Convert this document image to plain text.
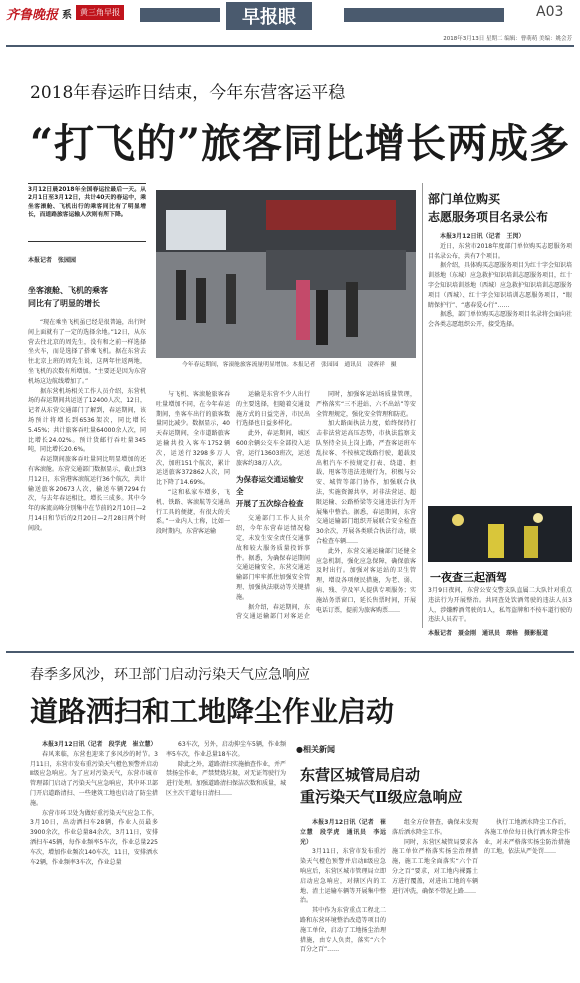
齐鲁晚报 系	黄三角早报	早报眼	A03
2018年3月13日 星期二 编辑：曹萌萌 美编：姚会芳
2018年春运昨日结束，今年东营客运平稳
“打飞的”旅客同比增长两成多
3月12日晨2018年全国春运拉最后一天。从2月1日至3月12日，共计40天的春运中，乘坐客滚舱、飞机出行的乘客同比有了明显增长，而道路旅客运输人次则有所下降。
本报记者　张园园
坐客滚舱、飞机的乘客
同比有了明显的增长

“现在乘坐飞机虽已经是很普遍，出行时间上面就有了一定的选择余地。”12日，从东营去往北京的周先生，没有和之前一样选择坐火车，而是选择了搭乘飞机。据在东营去往北京上班的周先生说，这两年往返两地，坐飞机的次数有所增加。“主要还是因为东营机场这边航线增加了。”

据东营机场相关工作人员介绍，东营机场的春运期间共运送了12400人次，12日，记者从东营交通部门了解到，春运期间，该场预计将增长到6536架次，同比增长5.45%；共计旅客吞吐量64000余人次，同比增长24.02%。预计货邮行吞吐量345吨，同比增长20.6%。

春运期间旅客吞吐量同比明显增加的还有客滚舱。东营交通部门数据显示，截止到3月12日，东营港客滚航运行36个航次，共计输送旅客20673人次，输送车辆7294台次，与去年春运相比，增长三成多。其中今年的客流高峰分别集中在节前的2月10日—2月14日和节后的2月20日—2月28日两个时间段。

今年春运期间，客滚舱旅客流量明显增加。本报记者　张园园　通讯员　凌赛祥　摄

与飞机、客滚舱旅客吞吐量增加不同，在今年春运期间，坐客车出行的旅客数量同比减少。数据显示，40天春运期间，全市道路旅客运输共投入客车1752辆次，运送行3298多万人次，加班151个航次，累计运送旅客372862人次，同比下降了14.69%。

“这和私家车增多，飞机、铁路、客滚航等交通出行工具的便捷，有很大的关系。”一业内人士称，比如一段时期内，东营客运输

运输是东营不少人出行的主要选择，但随着交通设施方式的日益完善，市民出行选择也日益多样化。

此外，春运期间，城区600余辆公交车全部投入运营，运行13603班次，运送旅客约38万人次。

为保春运交通运输安全
开展了五次综合检查

交通部门工作人员介绍，今年东营春运情况稳定，未发生安全责任交通事故和较大服务质量投诉事件。据悉，为确保春运期间交通运输安全，东营交通运输部门牢牢抓住加强安全管理、加强执法联动等关键措施。

据介绍，春运期间，东营交通运输部门对客运企

同时，加强客运站场质量管理，严格落实“三不进站、六不出站”等安全管理规定，强化安全管理和防范。

加大路面执法力度，始终保持打击非法营运高压态势，市执法监察支队坚持全员上岗上路，严查客运班车乱拉客、不按核定线路行驶，超载及出租汽车不按规定打表、绕道、拒载、甩客等违法违规行为，积极与公安、城管等部门协作，加强联合执法，实施资源共享，对非法营运、超限运输、公路桥梁等交通违法行为开展集中整治。据悉，春运期间，东营交通运输部门组织开展联合安全检查30余次，开展各类联合执法行动，联合检查车辆……

此外，东营交通运输部门还健全应急机制，强化应急保障，确保旅客及时出行。加强对客运站的卫生管理，增设各项便民措施，为老、弱、病、残、孕及军人提供专项服务；实施站务票窗口，延长售票时间，开展电话订票，提前为旅客购票……

部门单位购买
志愿服务项目名录公布

本报3月12日讯（记者　王闵）

近日，东营市2018年度部门单位购买志愿服务项目名录公布，共有7个项目。

据介绍，具体购买志愿服务项目为红十字会知识培训基地（东城）应急救护知识培训志愿服务项目，红十字会知识培训基地（西城）应急救护知识培训志愿服务项目（西城）、红十字会知识培训志愿服务项目，“眼睛保护行”、“惠春爱心行”……

据悉，部门单位购买志愿服务项目名录将会面向社会各类志愿组织公开，接受选择。

一夜查三起酒驾
3月9日夜间，东营公安交警支队直属二大队针对重点违法行为开展整治。共同查处饮酒驾驶的违法人员3人，涉嫌醉酒驾驶的1人，私驾盗牌和不按车道行驶的违法人员若干。
本报记者　聂金刚　通讯员　琛格　摄影报道
春季多风沙，环卫部门启动污染天气应急响应
道路洒扫和工地降尘作业启动

本报3月12日讯（记者　段学虎　崔立慧）

春风来临，东营也迎来了多风沙的时节。3月11日，东营市发布重污染天气橙色预警并启动Ⅱ级应急响应。为了应对污染天气，东营市城市管理部门启动了污染天气应急响应，其中环卫部门开启道路清扫、一些建筑工地也启动了防尘措施。

东营市环卫处为做好重污染天气应急工作，3月10日，出动洒扫车28辆，作业人员最多3900余次，作业总量84余次，3月11日，安排洒扫车45辆，每作业频率5车次，作业总量225车次，增加作业频次140车次，11日，安排洒水车2辆，作业频率3车次，作业总量

63车次，另外，启动抑尘车5辆，作业频率5车次，作业总量18车次。

除此之外，道路清扫实施抽查作业，并严禁扬尘作业，严禁焚烧垃圾，对无证驾驶行为进行处理。加强道路清扫保洁次数和质量，城区主次干道每日清扫……

●相关新闻
东营区城管局启动
重污染天气Ⅱ级应急响应

本报3月12日讯（记者　崔立慧　段学虎　通讯员　李远光）

3月11日，东营市发布重污染天气橙色预警并启动Ⅱ级应急响应后，东营区城市管理局立即启动应急响应，对辖区内的工地、渣土运输车辆等开展集中整治。

其中作为东营重点工程北二路和东营环境整治改造等项目的施工单位，启动了工地扬尘治理措施，由专人负责，落实“六个百分之百”……

组全方位督查，确保未发现落后洒水降尘工作。

同时，东营区城管局要求各施工单位严格落实扬尘治理措施，施工工地全面落实“六个百分之百”要求，对工地内裸露土方进行覆盖，对进出工地的车辆进行冲洗，确保不带泥上路……

执行工地洒水降尘工作后，各施工单位每日执行洒水降尘作业，对未严格落实扬尘防治措施的工地，依法从严处罚……
